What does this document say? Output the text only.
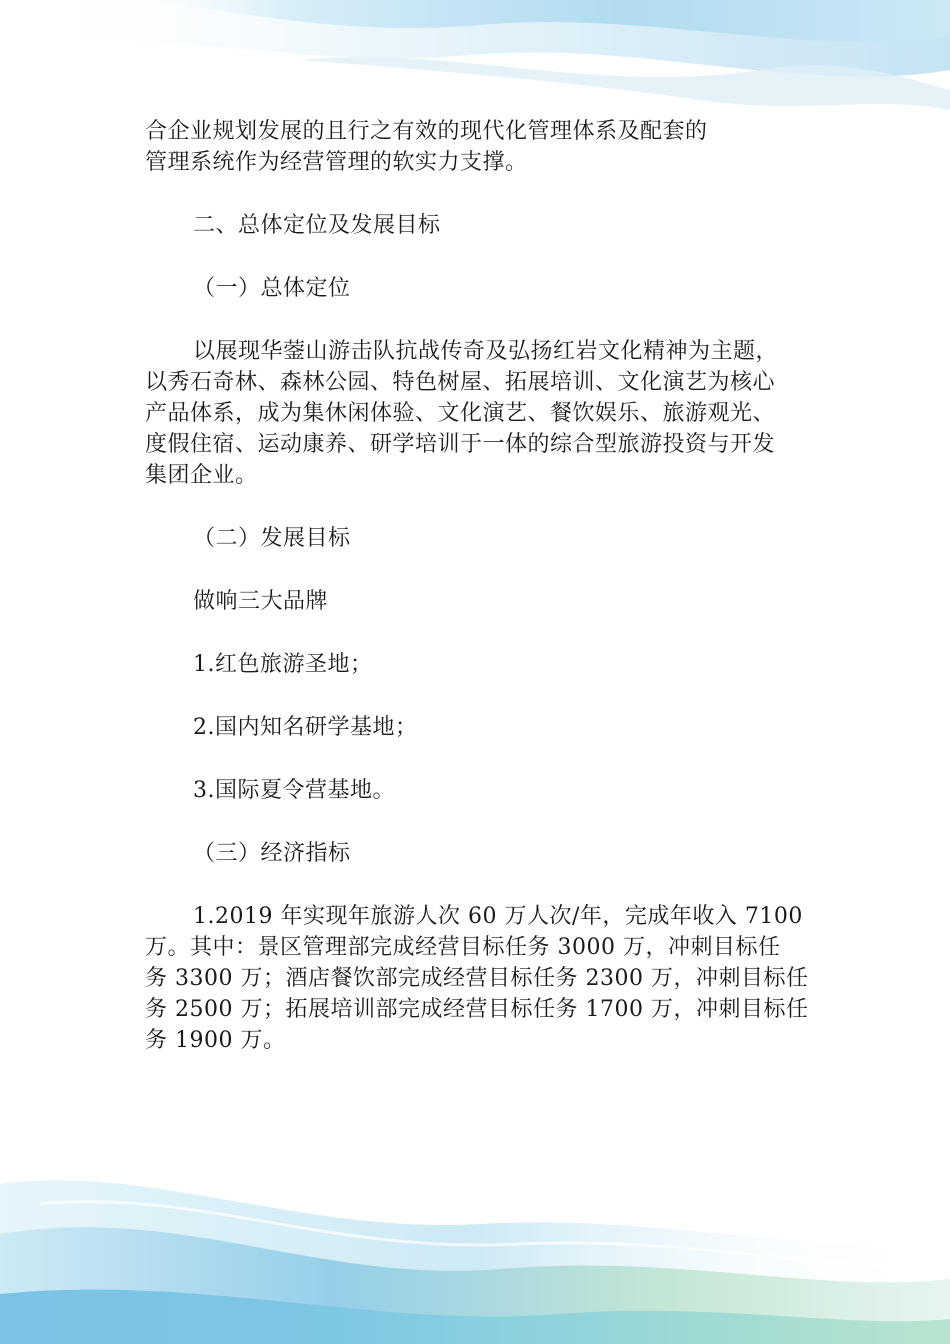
合企业规划发展的且行之有效的现代化管理体系及配套的
管理系统作为经营管理的软实力支撑。

二、总体定位及发展目标

（一）总体定位

以展现华蓥山游击队抗战传奇及弘扬红岩文化精神为主题，
以秀石奇林、森林公园、特色树屋、拓展培训、文化演艺为核心
产品体系，成为集休闲体验、文化演艺、餐饮娱乐、旅游观光、
度假住宿、运动康养、研学培训于一体的综合型旅游投资与开发
集团企业。

（二）发展目标

做响三大品牌

1.红色旅游圣地；

2.国内知名研学基地；

3.国际夏令营基地。

（三）经济指标

1.2019 年实现年旅游人次 60 万人次/年，完成年收入 7100
万。其中：景区管理部完成经营目标任务 3000 万，冲刺目标任
务 3300 万；酒店餐饮部完成经营目标任务 2300 万，冲刺目标任
务 2500 万；拓展培训部完成经营目标任务 1700 万，冲刺目标任
务 1900 万。
